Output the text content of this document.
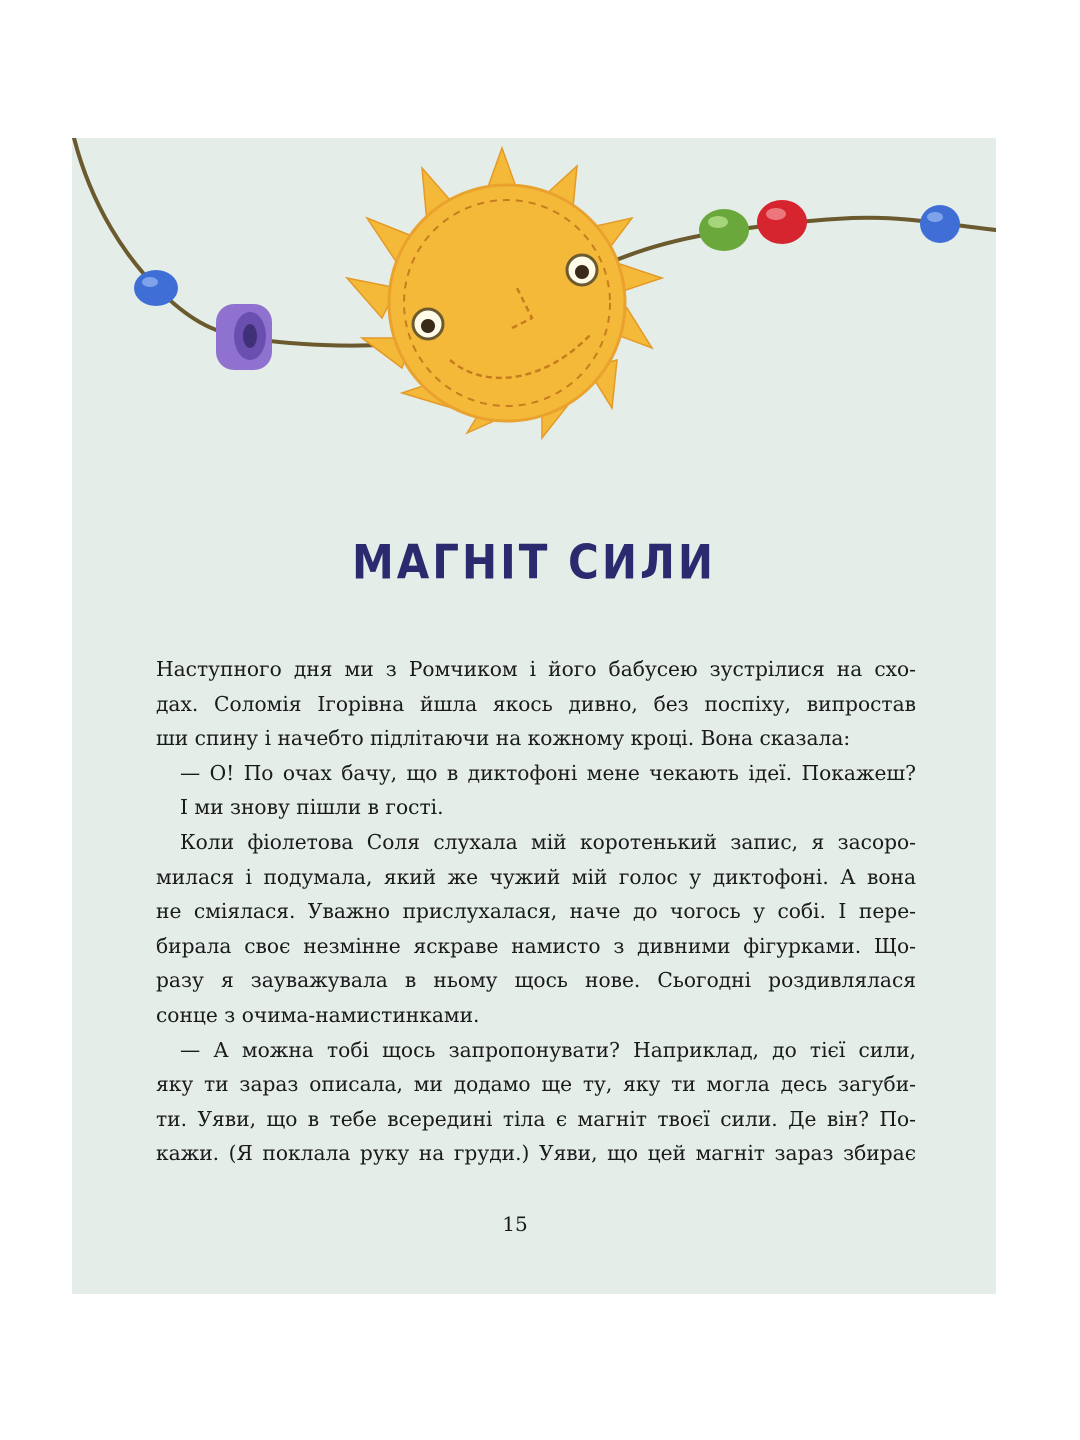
МАГНІТ СИЛИ
Наступного дня ми з Ромчиком і його бабусею зустрілися на схо-
дах. Соломія Ігорівна йшла якось дивно, без поспіху, випростав
ши спину і начебто підлітаючи на кожному кроці. Вона сказала:
— О! По очах бачу, що в диктофоні мене чекають ідеї. Покажеш?
І ми знову пішли в гості.
Коли фіолетова Соля слухала мій коротенький запис, я засоро-
милася і подумала, який же чужий мій голос у диктофоні. А вона
не сміялася. Уважно прислухалася, наче до чогось у собі. І пере-
бирала своє незмінне яскраве намисто з дивними фігурками. Що-
разу я зауважувала в ньому щось нове. Сьогодні роздивлялася
сонце з очима-намистинками.
— А можна тобі щось запропонувати? Наприклад, до тієї сили,
яку ти зараз описала, ми додамо ще ту, яку ти могла десь загуби-
ти. Уяви, що в тебе всередині тіла є магніт твоєї сили. Де він? По-
кажи. (Я поклала руку на груди.) Уяви, що цей магніт зараз збирає
15
